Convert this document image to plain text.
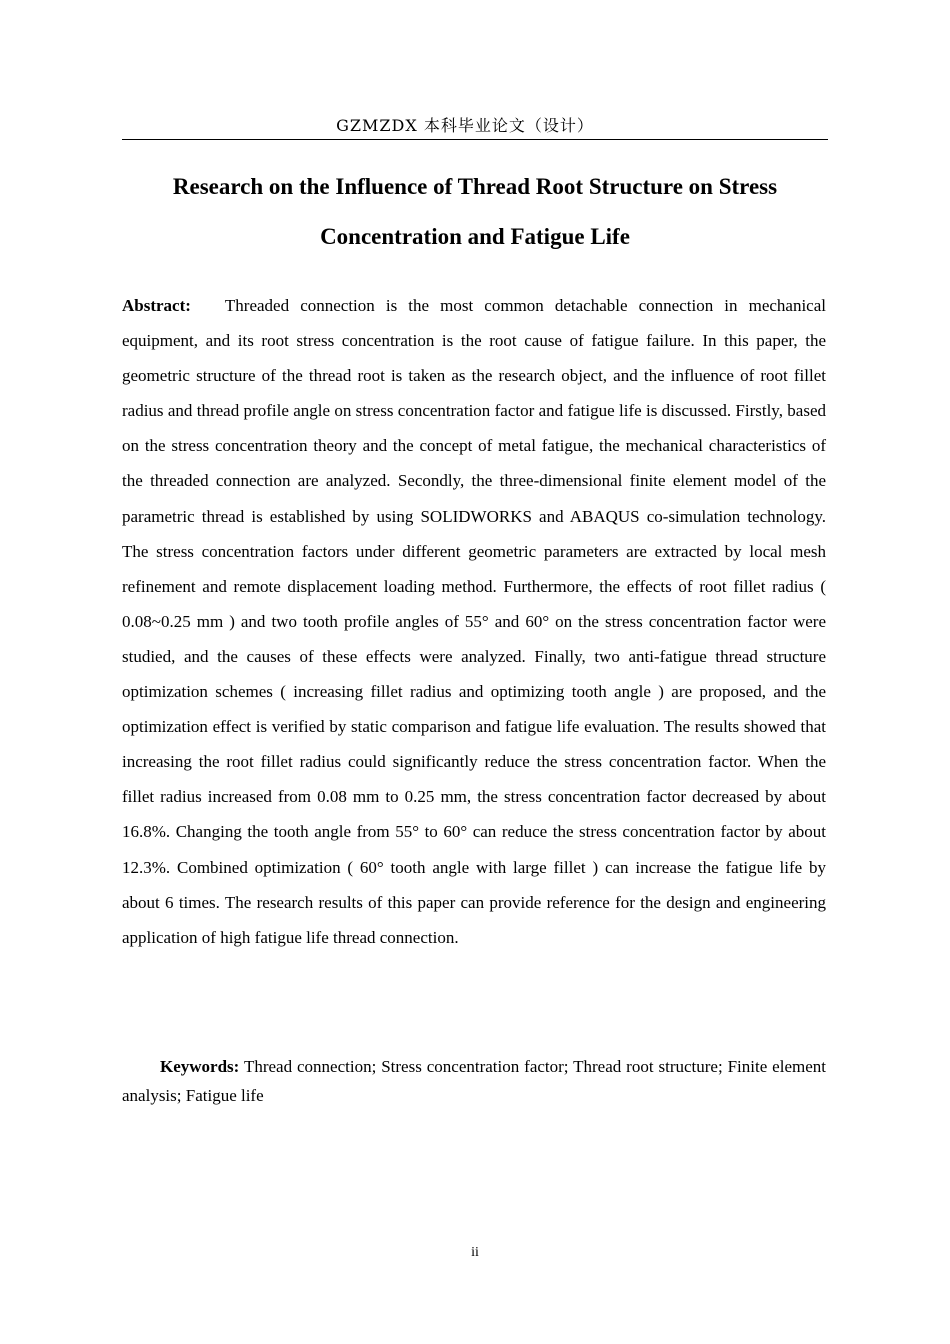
GZMZDX 本科毕业论文（设计）
Research on the Influence of Thread Root Structure on Stress
Concentration and Fatigue Life

Abstract: Threaded connection is the most common detachable connection in mechanical equipment, and its root stress concentration is the root cause of fatigue failure. In this paper, the geometric structure of the thread root is taken as the research object, and the influence of root fillet radius and thread profile angle on stress concentration factor and fatigue life is discussed. Firstly, based on the stress concentration theory and the concept of metal fatigue, the mechanical characteristics of the threaded connection are analyzed. Secondly, the three-dimensional finite element model of the parametric thread is established by using SOLIDWORKS and ABAQUS co-simulation technology. The stress concentration factors under different geometric parameters are extracted by local mesh refinement and remote displacement loading method. Furthermore, the effects of root fillet radius ( 0.08~0.25 mm ) and two tooth profile angles of 55° and 60° on the stress concentration factor were studied, and the causes of these effects were analyzed. Finally, two anti-fatigue thread structure optimization schemes ( increasing fillet radius and optimizing tooth angle ) are proposed, and the optimization effect is verified by static comparison and fatigue life evaluation. The results showed that increasing the root fillet radius could significantly reduce the stress concentration factor. When the fillet radius increased from 0.08 mm to 0.25 mm, the stress concentration factor decreased by about 16.8%. Changing the tooth angle from 55° to 60° can reduce the stress concentration factor by about 12.3%. Combined optimization ( 60° tooth angle with large fillet ) can increase the fatigue life by about 6 times. The research results of this paper can provide reference for the design and engineering application of high fatigue life thread connection.

Keywords: Thread connection; Stress concentration factor; Thread root structure; Finite element analysis; Fatigue life

ii
